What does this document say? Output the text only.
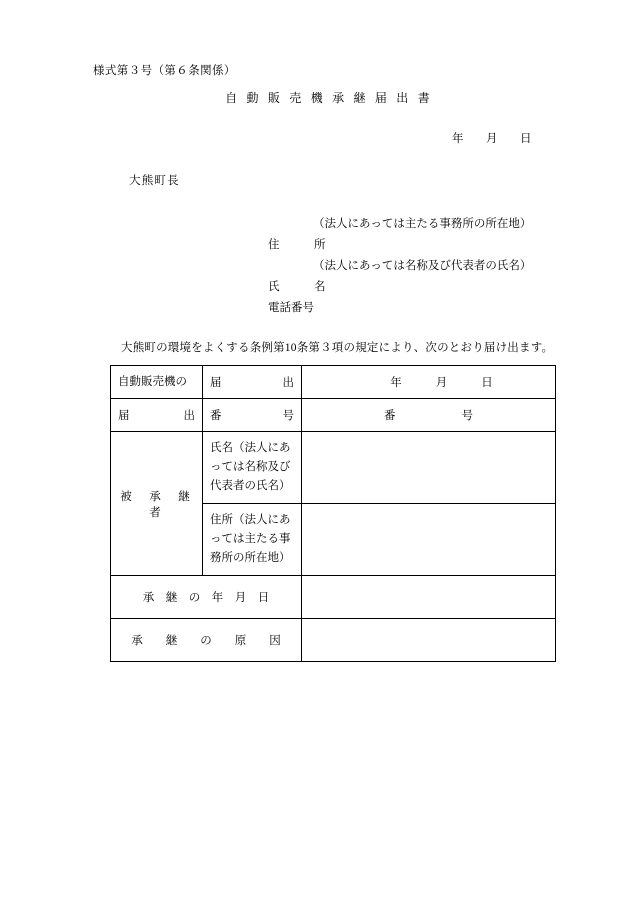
様式第３号（第６条関係）
自 動 販 売 機 承 継 届 出 書
年 月 日
大熊町長
（法人にあっては主たる事務所の所在地）
住　　　所
（法人にあっては名称及び代表者の氏名）
氏　　　名
電話番号
大熊町の環境をよくする条例第10条第３項の規定により、次のとおり届け出ます。
自動販売機の	届 出	年 月 日

届 出	番 号	番 号

被　承　継　者	氏名（法人にあっては名称及び代表者の氏名）	

	住所（法人にあっては主たる事務所の所在地）	

承　継　の　年　月　日		

承　　継　　の　　原　　因		
